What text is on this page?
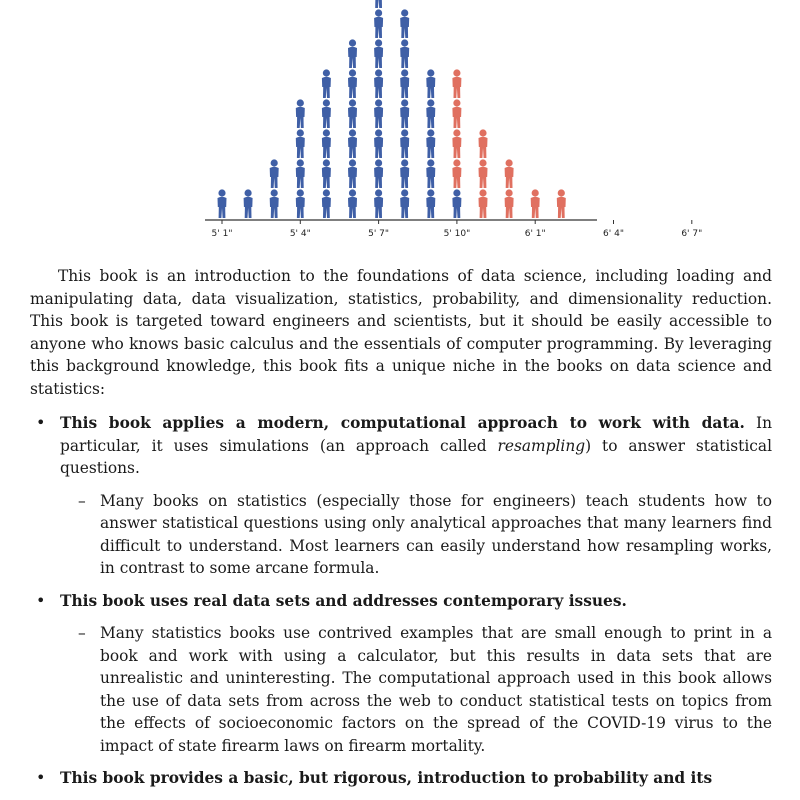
5' 1"	5' 4"	5' 7"	5' 10"	6' 1"	6' 4"	6' 7"

This book is an introduction to the foundations of data science, including loading and manipulating data, data visualization, statistics, probability, and dimensionality reduction. This book is targeted toward engineers and scientists, but it should be easily accessible to anyone who knows basic calculus and the essentials of computer programming. By leveraging this background knowledge, this book fits a unique niche in the books on data science and statistics:

• This book applies a modern, computational approach to work with data. In particular, it uses simulations (an approach called resampling) to answer statistical questions.
– Many books on statistics (especially those for engineers) teach students how to answer statistical questions using only analytical approaches that many learners find difficult to understand. Most learners can easily understand how resampling works, in contrast to some arcane formula.
• This book uses real data sets and addresses contemporary issues.
– Many statistics books use contrived examples that are small enough to print in a book and work with using a calculator, but this results in data sets that are unrealistic and uninteresting. The computational approach used in this book allows the use of data sets from across the web to conduct statistical tests on topics from the effects of socioeconomic factors on the spread of the COVID-19 virus to the impact of state firearm laws on firearm mortality.
• This book provides a basic, but rigorous, introduction to probability and its
